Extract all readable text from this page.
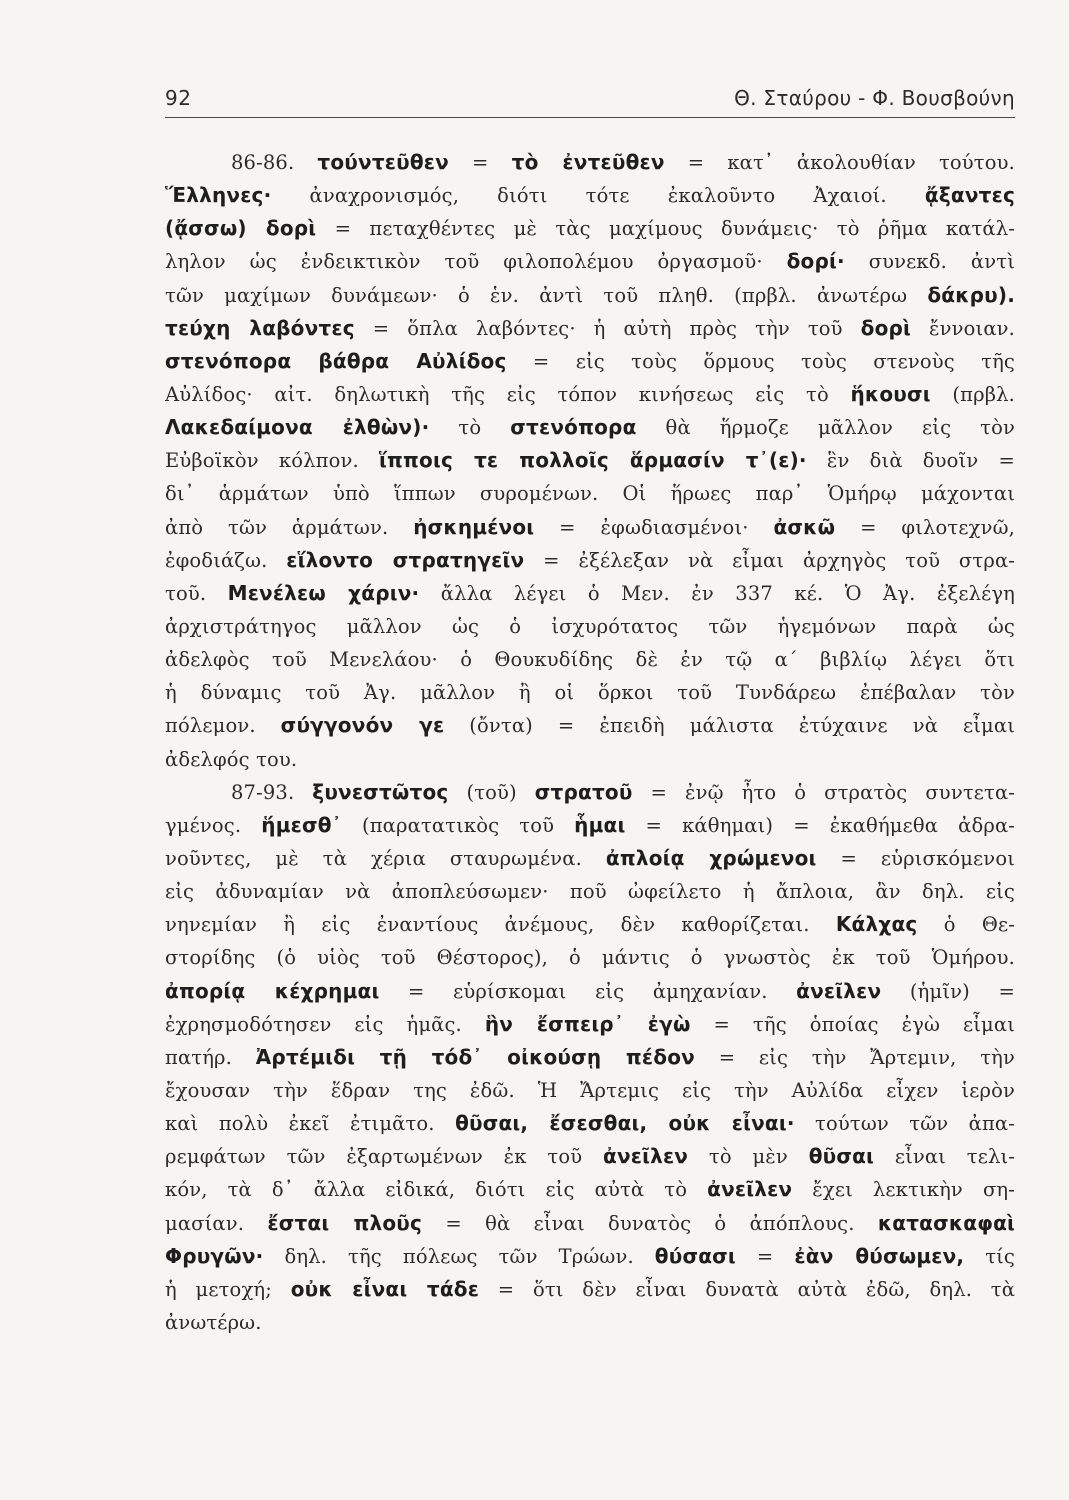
92	Θ. Σταύρου - Φ. Βουσβούνη
86-86. τούντεῦθεν = τὸ ἐντεῦθεν = κατ᾽ ἀκολουθίαν τούτου.
Ἕλληνες· ἀναχρονισμός, διότι τότε ἐκαλοῦντο Ἀχαιοί. ᾄξαντες
(ᾄσσω) δορὶ = πεταχθέντες μὲ τὰς μαχίμους δυνάμεις· τὸ ῥῆμα κατάλ-
ληλον ὡς ἐνδεικτικὸν τοῦ φιλοπολέμου ὀργασμοῦ· δορί· συνεκδ. ἀντὶ
τῶν μαχίμων δυνάμεων· ὁ ἑν. ἀντὶ τοῦ πληθ. (πρβλ. ἀνωτέρω δάκρυ).
τεύχη λαβόντες = ὅπλα λαβόντες· ἡ αὐτὴ πρὸς τὴν τοῦ δορὶ ἔννοιαν.
στενόπορα βάθρα Αὐλίδος = εἰς τοὺς ὅρμους τοὺς στενοὺς τῆς
Αὐλίδος· αἰτ. δηλωτικὴ τῆς εἰς τόπον κινήσεως εἰς τὸ ἥκουσι (πρβλ.
Λακεδαίμονα ἐλθὼν)· τὸ στενόπορα θὰ ἥρμοζε μᾶλλον εἰς τὸν
Εὐβοϊκὸν κόλπον. ἵπποις τε πολλοῖς ἅρμασίν τ᾽(ε)· ἓν διὰ δυοῖν =
δι᾽ ἁρμάτων ὑπὸ ἵππων συρομένων. Οἱ ἥρωες παρ᾽ Ὁμήρῳ μάχονται
ἀπὸ τῶν ἁρμάτων. ἠσκημένοι = ἐφωδιασμένοι· ἀσκῶ = φιλοτεχνῶ,
ἐφοδιάζω. εἵλοντο στρατηγεῖν = ἐξέλεξαν νὰ εἶμαι ἀρχηγὸς τοῦ στρα-
τοῦ. Μενέλεω χάριν· ἄλλα λέγει ὁ Μεν. ἐν 337 κέ. Ὁ Ἀγ. ἐξελέγη
ἀρχιστράτηγος μᾶλλον ὡς ὁ ἰσχυρότατος τῶν ἡγεμόνων παρὰ ὡς
ἀδελφὸς τοῦ Μενελάου· ὁ Θουκυδίδης δὲ ἐν τῷ α΄ βιβλίῳ λέγει ὅτι
ἡ δύναμις τοῦ Ἀγ. μᾶλλον ἢ οἱ ὅρκοι τοῦ Τυνδάρεω ἐπέβαλαν τὸν
πόλεμον. σύγγονόν γε (ὄντα) = ἐπειδὴ μάλιστα ἐτύχαινε νὰ εἶμαι
ἀδελφός του.
87-93. ξυνεστῶτος (τοῦ) στρατοῦ = ἐνῷ ἦτο ὁ στρατὸς συντετα-
γμένος. ἥμεσθ᾽ (παρατατικὸς τοῦ ἧμαι = κάθημαι) = ἐκαθήμεθα ἀδρα-
νοῦντες, μὲ τὰ χέρια σταυρωμένα. ἀπλοίᾳ χρώμενοι = εὑρισκόμενοι
εἰς ἀδυναμίαν νὰ ἀποπλεύσωμεν· ποῦ ὠφείλετο ἡ ἄπλοια, ἂν δηλ. εἰς
νηνεμίαν ἢ εἰς ἐναντίους ἀνέμους, δὲν καθορίζεται. Κάλχας ὁ Θε-
στορίδης (ὁ υἱὸς τοῦ Θέστορος), ὁ μάντις ὁ γνωστὸς ἐκ τοῦ Ὁμήρου.
ἀπορίᾳ κέχρημαι = εὑρίσκομαι εἰς ἀμηχανίαν. ἀνεῖλεν (ἡμῖν) =
ἐχρησμοδότησεν εἰς ἡμᾶς. ἣν ἔσπειρ᾽ ἐγὼ = τῆς ὁποίας ἐγὼ εἶμαι
πατήρ. Ἀρτέμιδι τῇ τόδ᾽ οἰκούσῃ πέδον = εἰς τὴν Ἄρτεμιν, τὴν
ἔχουσαν τὴν ἕδραν της ἐδῶ. Ἡ Ἄρτεμις εἰς τὴν Αὐλίδα εἶχεν ἱερὸν
καὶ πολὺ ἐκεῖ ἐτιμᾶτο. θῦσαι, ἔσεσθαι, οὐκ εἶναι· τούτων τῶν ἀπα-
ρεμφάτων τῶν ἐξαρτωμένων ἐκ τοῦ ἀνεῖλεν τὸ μὲν θῦσαι εἶναι τελι-
κόν, τὰ δ᾽ ἄλλα εἰδικά, διότι εἰς αὐτὰ τὸ ἀνεῖλεν ἔχει λεκτικὴν ση-
μασίαν. ἔσται πλοῦς = θὰ εἶναι δυνατὸς ὁ ἀπόπλους. κατασκαφαὶ
Φρυγῶν· δηλ. τῆς πόλεως τῶν Τρώων. θύσασι = ἐὰν θύσωμεν, τίς
ἡ μετοχή; οὐκ εἶναι τάδε = ὅτι δὲν εἶναι δυνατὰ αὐτὰ ἐδῶ, δηλ. τὰ
ἀνωτέρω.
